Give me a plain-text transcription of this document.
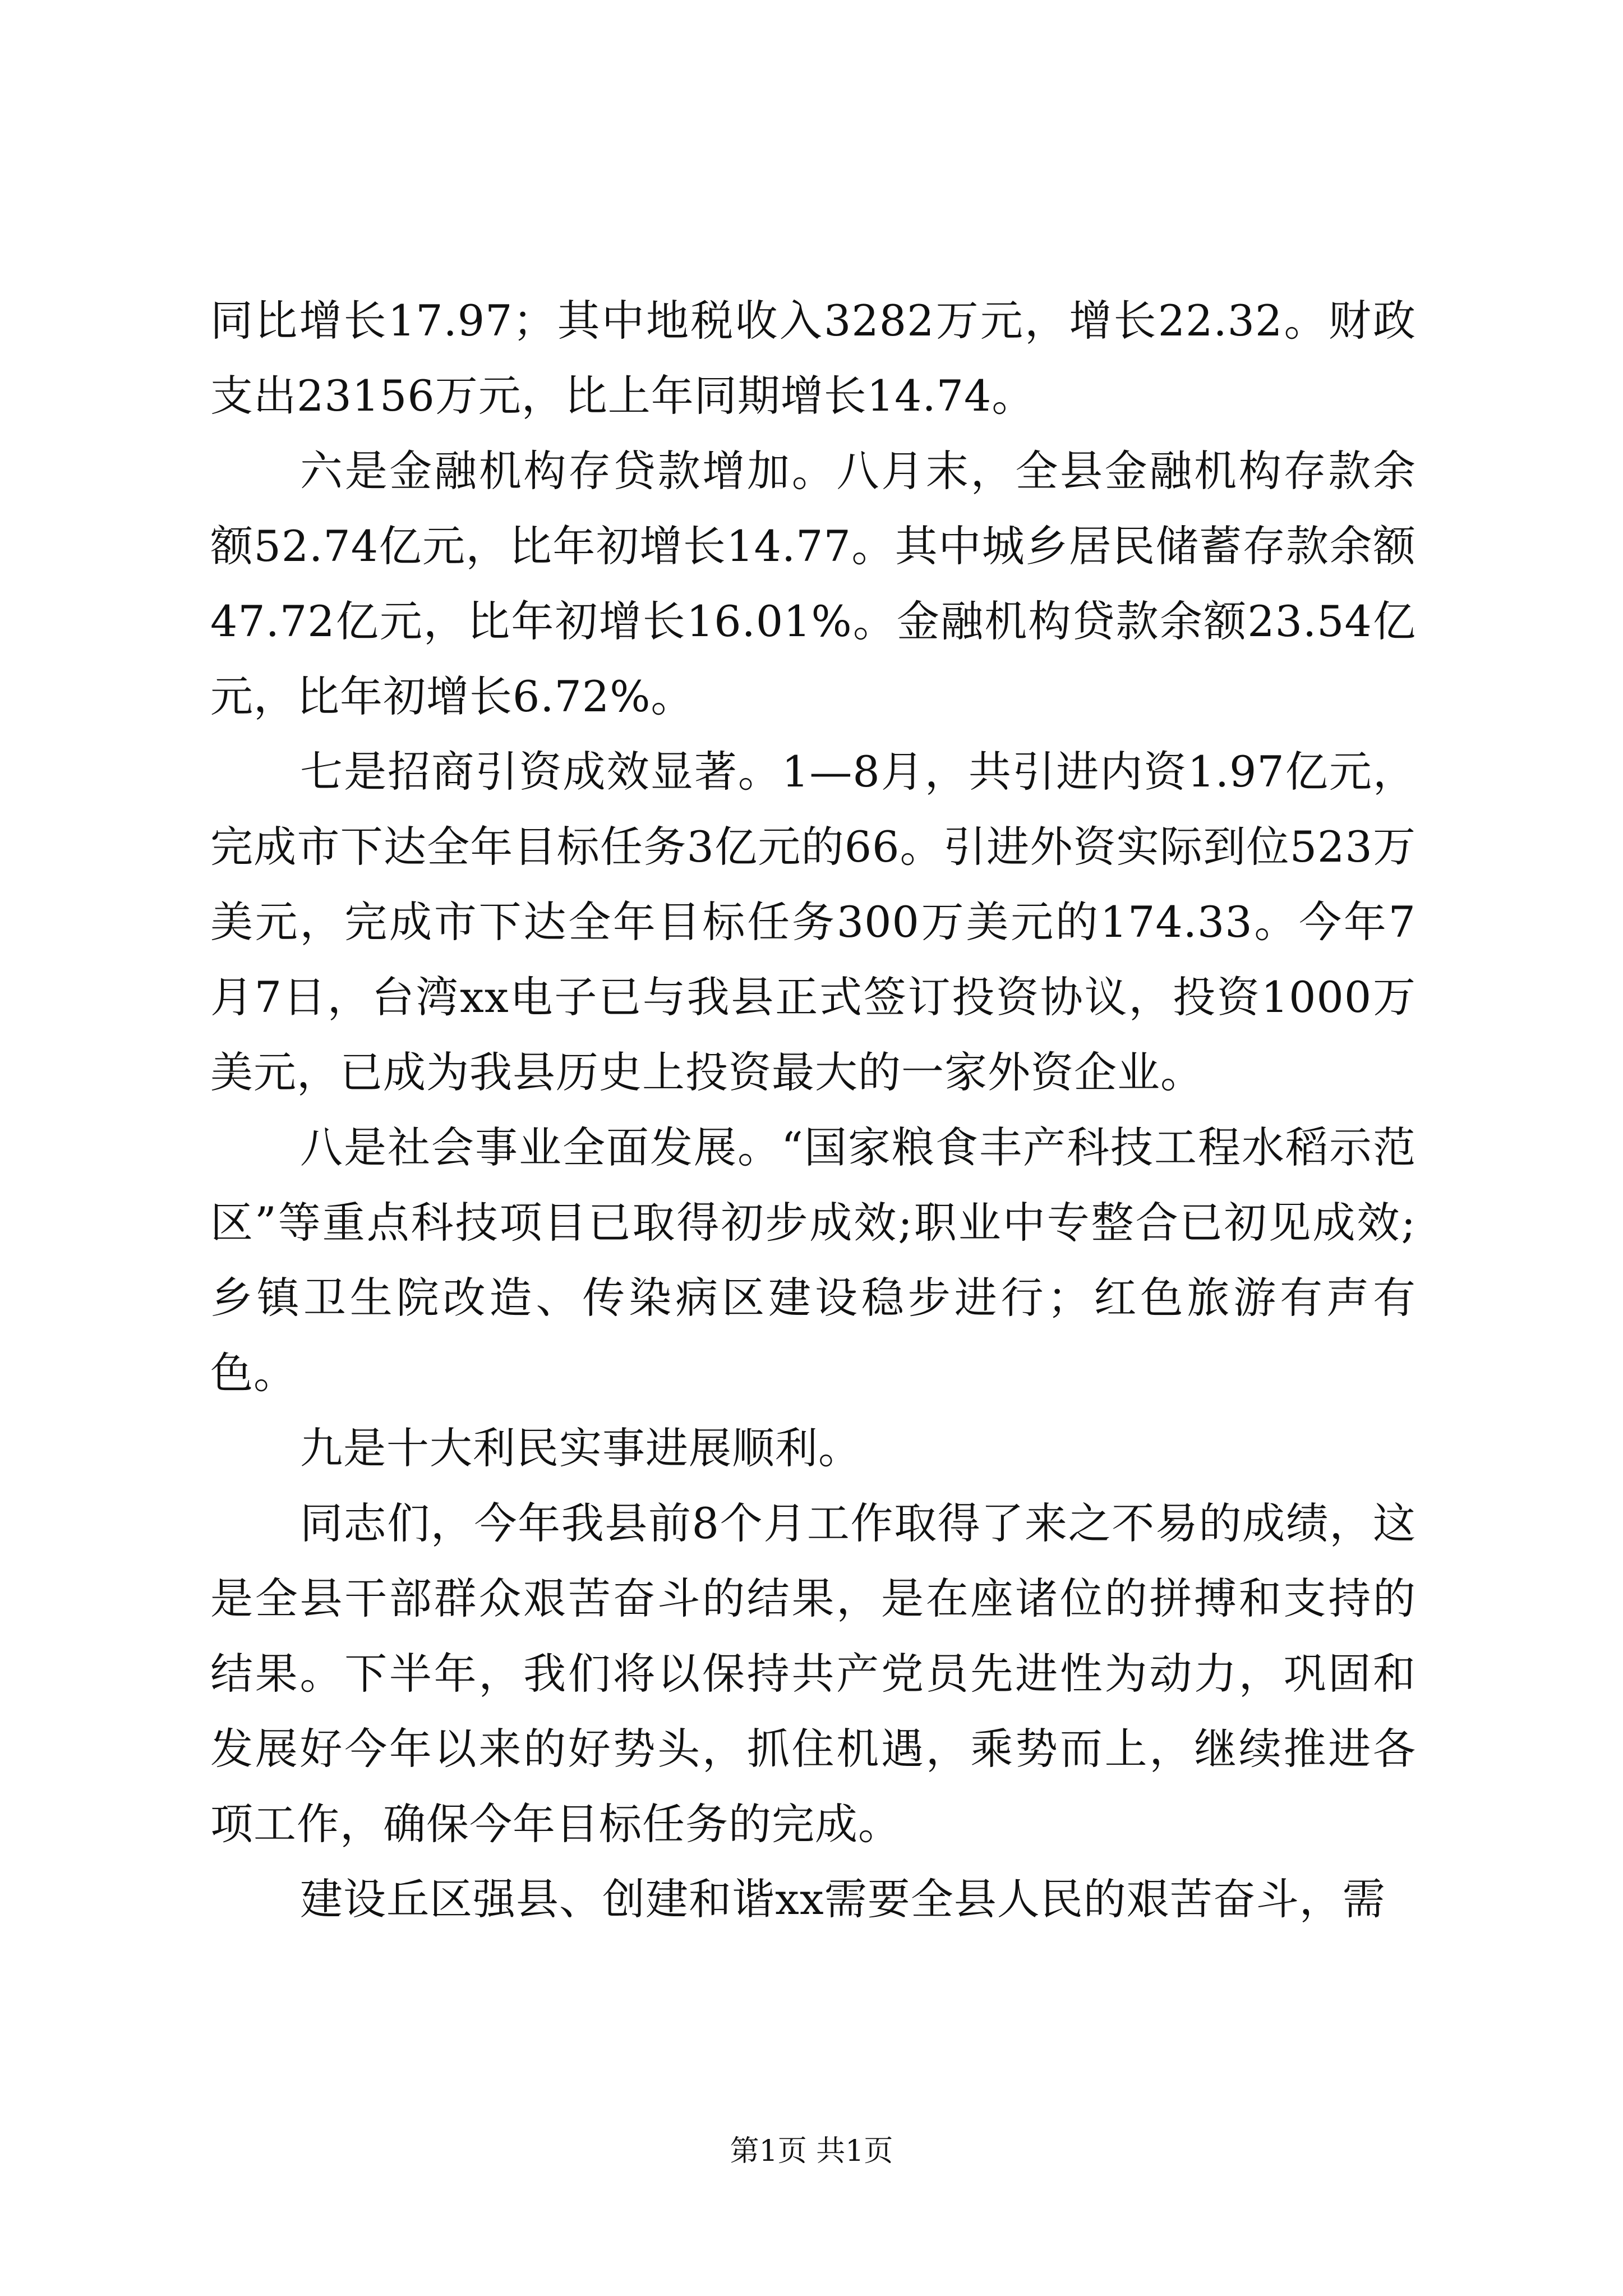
同比增长17.97；其中地税收入3282万元，增长22.32。财政支出23156万元，比上年同期增长14.74。

六是金融机构存贷款增加。八月末，全县金融机构存款余额52.74亿元，比年初增长14.77。其中城乡居民储蓄存款余额47.72亿元，比年初增长16.01%。金融机构贷款余额23.54亿元，比年初增长6.72%。

七是招商引资成效显著。1—8月，共引进内资1.97亿元，完成市下达全年目标任务3亿元的66。引进外资实际到位523万美元，完成市下达全年目标任务300万美元的174.33。今年7月7日，台湾xx电子已与我县正式签订投资协议，投资1000万美元，已成为我县历史上投资最大的一家外资企业。

八是社会事业全面发展。“国家粮食丰产科技工程水稻示范区”等重点科技项目已取得初步成效;职业中专整合已初见成效;乡镇卫生院改造、传染病区建设稳步进行；红色旅游有声有色。

九是十大利民实事进展顺利。

同志们，今年我县前8个月工作取得了来之不易的成绩，这是全县干部群众艰苦奋斗的结果，是在座诸位的拼搏和支持的结果。下半年，我们将以保持共产党员先进性为动力，巩固和发展好今年以来的好势头，抓住机遇，乘势而上，继续推进各项工作，确保今年目标任务的完成。

建设丘区强县、创建和谐xx需要全县人民的艰苦奋斗，需

第1页 共1页
